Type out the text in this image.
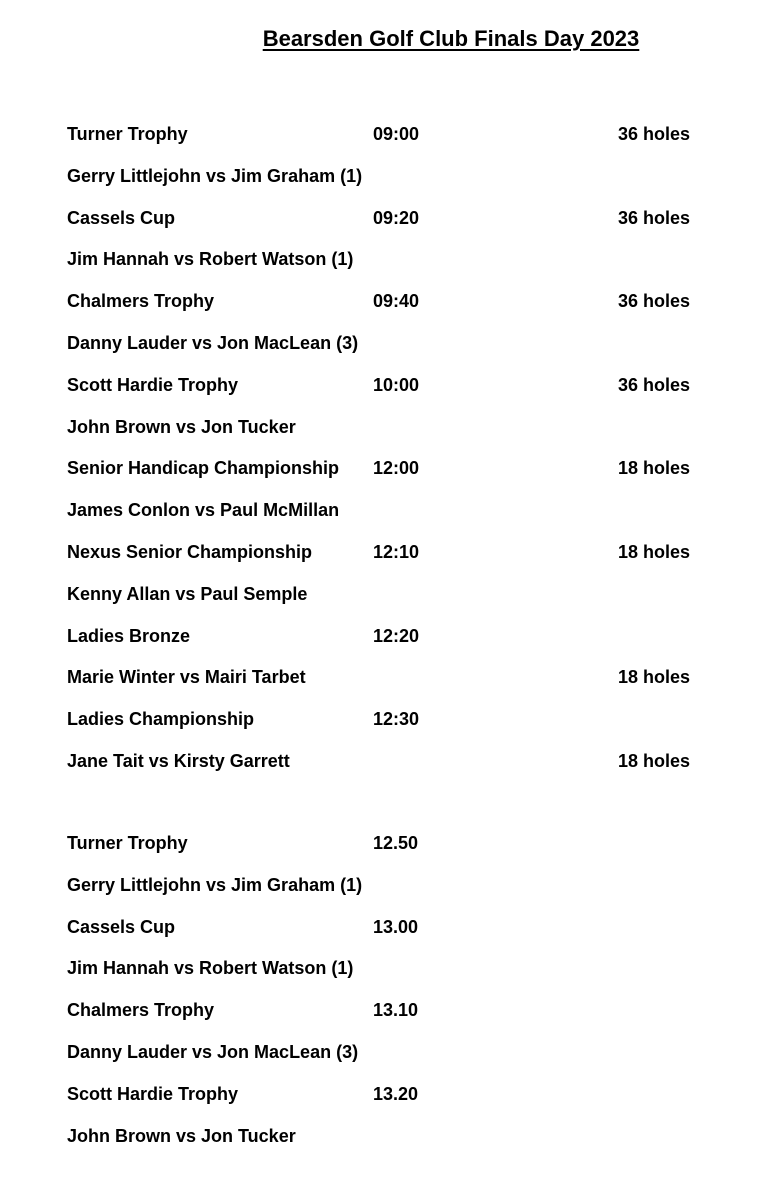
Bearsden Golf Club Finals Day 2023
Turner Trophy	09:00	36 holes
Gerry Littlejohn vs Jim Graham (1)
Cassels Cup	09:20	36 holes
Jim Hannah vs Robert Watson (1)
Chalmers Trophy	09:40	36 holes
Danny Lauder vs Jon MacLean (3)
Scott Hardie Trophy	10:00	36 holes
John Brown vs Jon Tucker
Senior Handicap Championship 12:00	18 holes
James Conlon vs Paul McMillan
Nexus Senior Championship	12:10	18 holes
Kenny Allan vs Paul Semple
Ladies Bronze	12:20
Marie Winter vs Mairi Tarbet	18 holes
Ladies Championship	12:30
Jane Tait vs Kirsty Garrett	18 holes
Turner Trophy	12.50
Gerry Littlejohn vs Jim Graham (1)
Cassels Cup	13.00
Jim Hannah vs Robert Watson (1)
Chalmers Trophy	13.10
Danny Lauder vs Jon MacLean (3)
Scott Hardie Trophy	13.20
John Brown vs Jon Tucker
